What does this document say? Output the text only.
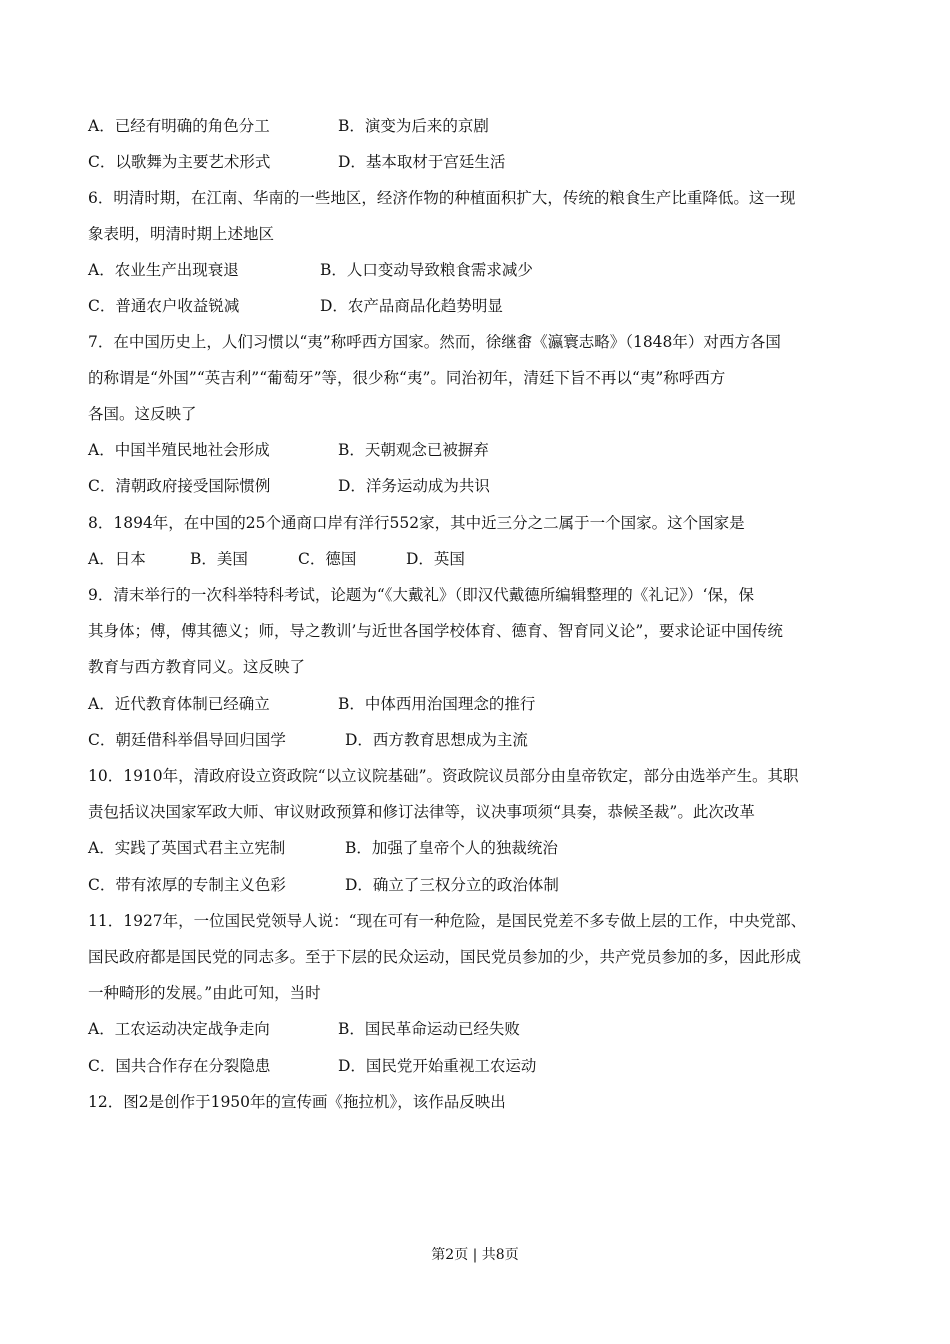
A．已经有明确的角色分工	B．演变为后来的京剧
C．以歌舞为主要艺术形式	D．基本取材于宫廷生活
6．明清时期，在江南、华南的一些地区，经济作物的种植面积扩大，传统的粮食生产比重降低。这一现
象表明，明清时期上述地区
A．农业生产出现衰退	B．人口变动导致粮食需求减少
C．普通农户收益锐减	D．农产品商品化趋势明显
7．在中国历史上，人们习惯以“夷”称呼西方国家。然而，徐继畬《瀛寰志略》（1848年）对西方各国
的称谓是“外国”“英吉利”“葡萄牙”等，很少称“夷”。同治初年，清廷下旨不再以“夷”称呼西方
各国。这反映了
A．中国半殖民地社会形成	B．天朝观念已被摒弃
C．清朝政府接受国际惯例	D．洋务运动成为共识
8．1894年，在中国的25个通商口岸有洋行552家，其中近三分之二属于一个国家。这个国家是
A．日本	B．美国	C．德国	D．英国
9．清末举行的一次科举特科考试，论题为“《大戴礼》（即汉代戴德所编辑整理的《礼记》）‘保，保
其身体；傅，傅其德义；师，导之教训’与近世各国学校体育、德育、智育同义论”，要求论证中国传统
教育与西方教育同义。这反映了
A．近代教育体制已经确立	B．中体西用治国理念的推行
C．朝廷借科举倡导回归国学	D．西方教育思想成为主流
10．1910年，清政府设立资政院“以立议院基础”。资政院议员部分由皇帝钦定，部分由选举产生。其职
责包括议决国家军政大师、审议财政预算和修订法律等，议决事项须“具奏，恭候圣裁”。此次改革
A．实践了英国式君主立宪制	B．加强了皇帝个人的独裁统治
C．带有浓厚的专制主义色彩	D．确立了三权分立的政治体制
11．1927年，一位国民党领导人说：“现在可有一种危险，是国民党差不多专做上层的工作，中央党部、
国民政府都是国民党的同志多。至于下层的民众运动，国民党员参加的少，共产党员参加的多，因此形成
一种畸形的发展。”由此可知，当时
A．工农运动决定战争走向	B．国民革命运动已经失败
C．国共合作存在分裂隐患	D．国民党开始重视工农运动
12．图2是创作于1950年的宣传画《拖拉机》，该作品反映出
第2页 | 共8页
